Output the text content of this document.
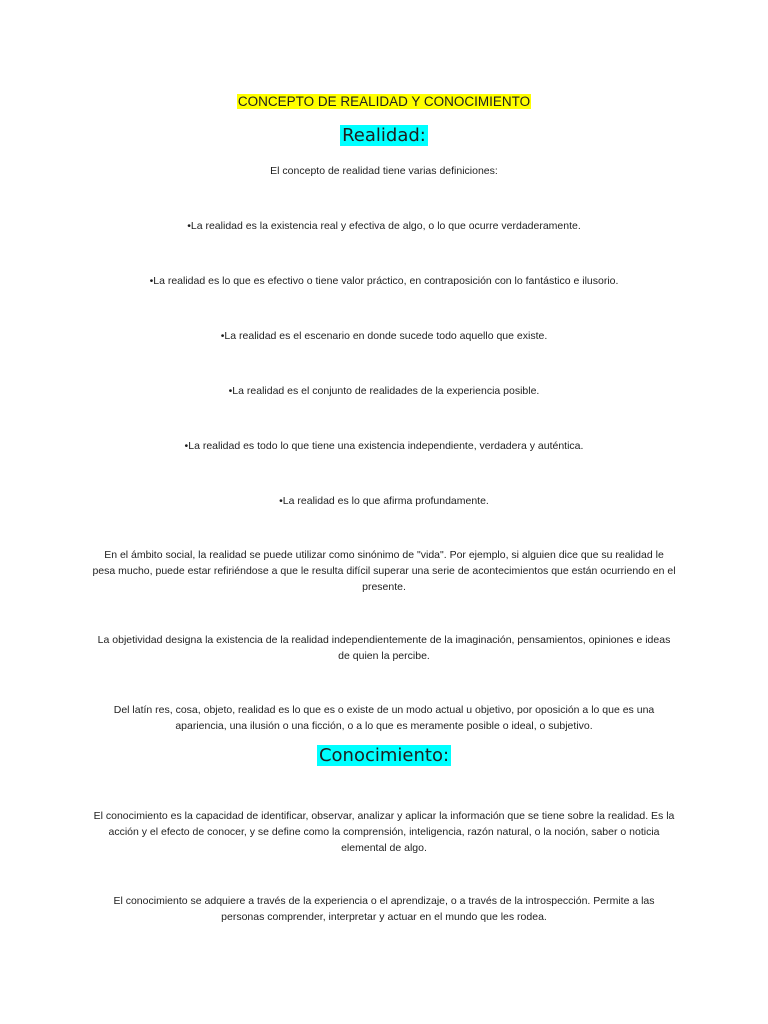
CONCEPTO DE REALIDAD Y CONOCIMIENTO
Realidad:

El concepto de realidad tiene varias definiciones:

•La realidad es la existencia real y efectiva de algo, o lo que ocurre verdaderamente.

•La realidad es lo que es efectivo o tiene valor práctico, en contraposición con lo fantástico e ilusorio.

•La realidad es el escenario en donde sucede todo aquello que existe.

•La realidad es el conjunto de realidades de la experiencia posible.

•La realidad es todo lo que tiene una existencia independiente, verdadera y auténtica.

•La realidad es lo que afirma profundamente.

En el ámbito social, la realidad se puede utilizar como sinónimo de "vida". Por ejemplo, si alguien dice que su realidad le pesa mucho, puede estar refiriéndose a que le resulta difícil superar una serie de acontecimientos que están ocurriendo en el presente.

La objetividad designa la existencia de la realidad independientemente de la imaginación, pensamientos, opiniones e ideas de quien la percibe.

Del latín res, cosa, objeto, realidad es lo que es o existe de un modo actual u objetivo, por oposición a lo que es una apariencia, una ilusión o una ficción, o a lo que es meramente posible o ideal, o subjetivo.

Conocimiento:

El conocimiento es la capacidad de identificar, observar, analizar y aplicar la información que se tiene sobre la realidad. Es la acción y el efecto de conocer, y se define como la comprensión, inteligencia, razón natural, o la noción, saber o noticia elemental de algo.

El conocimiento se adquiere a través de la experiencia o el aprendizaje, o a través de la introspección. Permite a las personas comprender, interpretar y actuar en el mundo que les rodea.
